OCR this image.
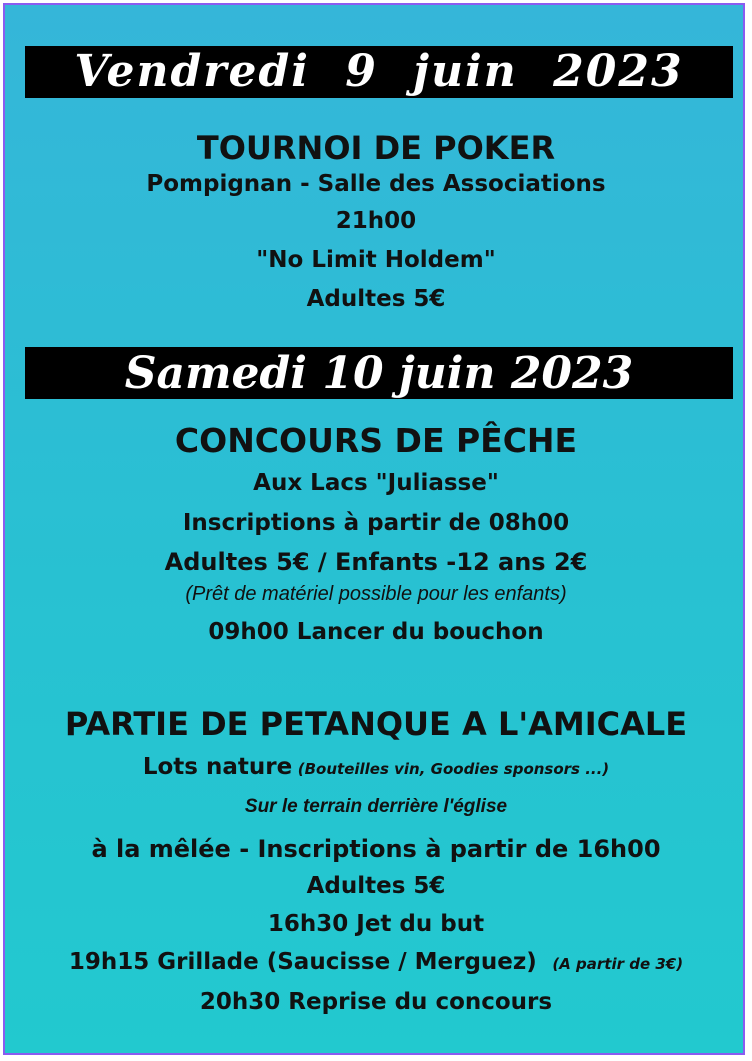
Vendredi 9 juin 2023
TOURNOI DE POKER
Pompignan - Salle des Associations
21h00
"No Limit Holdem"
Adultes 5€
Samedi 10 juin 2023
CONCOURS DE PÊCHE
Aux Lacs "Juliasse"
Inscriptions à partir de 08h00
Adultes 5€ / Enfants -12 ans 2€
(Prêt de matériel possible pour les enfants)
09h00 Lancer du bouchon
PARTIE DE PETANQUE A L'AMICALE
Lots nature (Bouteilles vin, Goodies sponsors ...)
Sur le terrain derrière l'église
à la mêlée - Inscriptions à partir de 16h00
Adultes 5€
16h30 Jet du but
19h15 Grillade (Saucisse / Merguez) (A partir de 3€)
20h30 Reprise du concours
